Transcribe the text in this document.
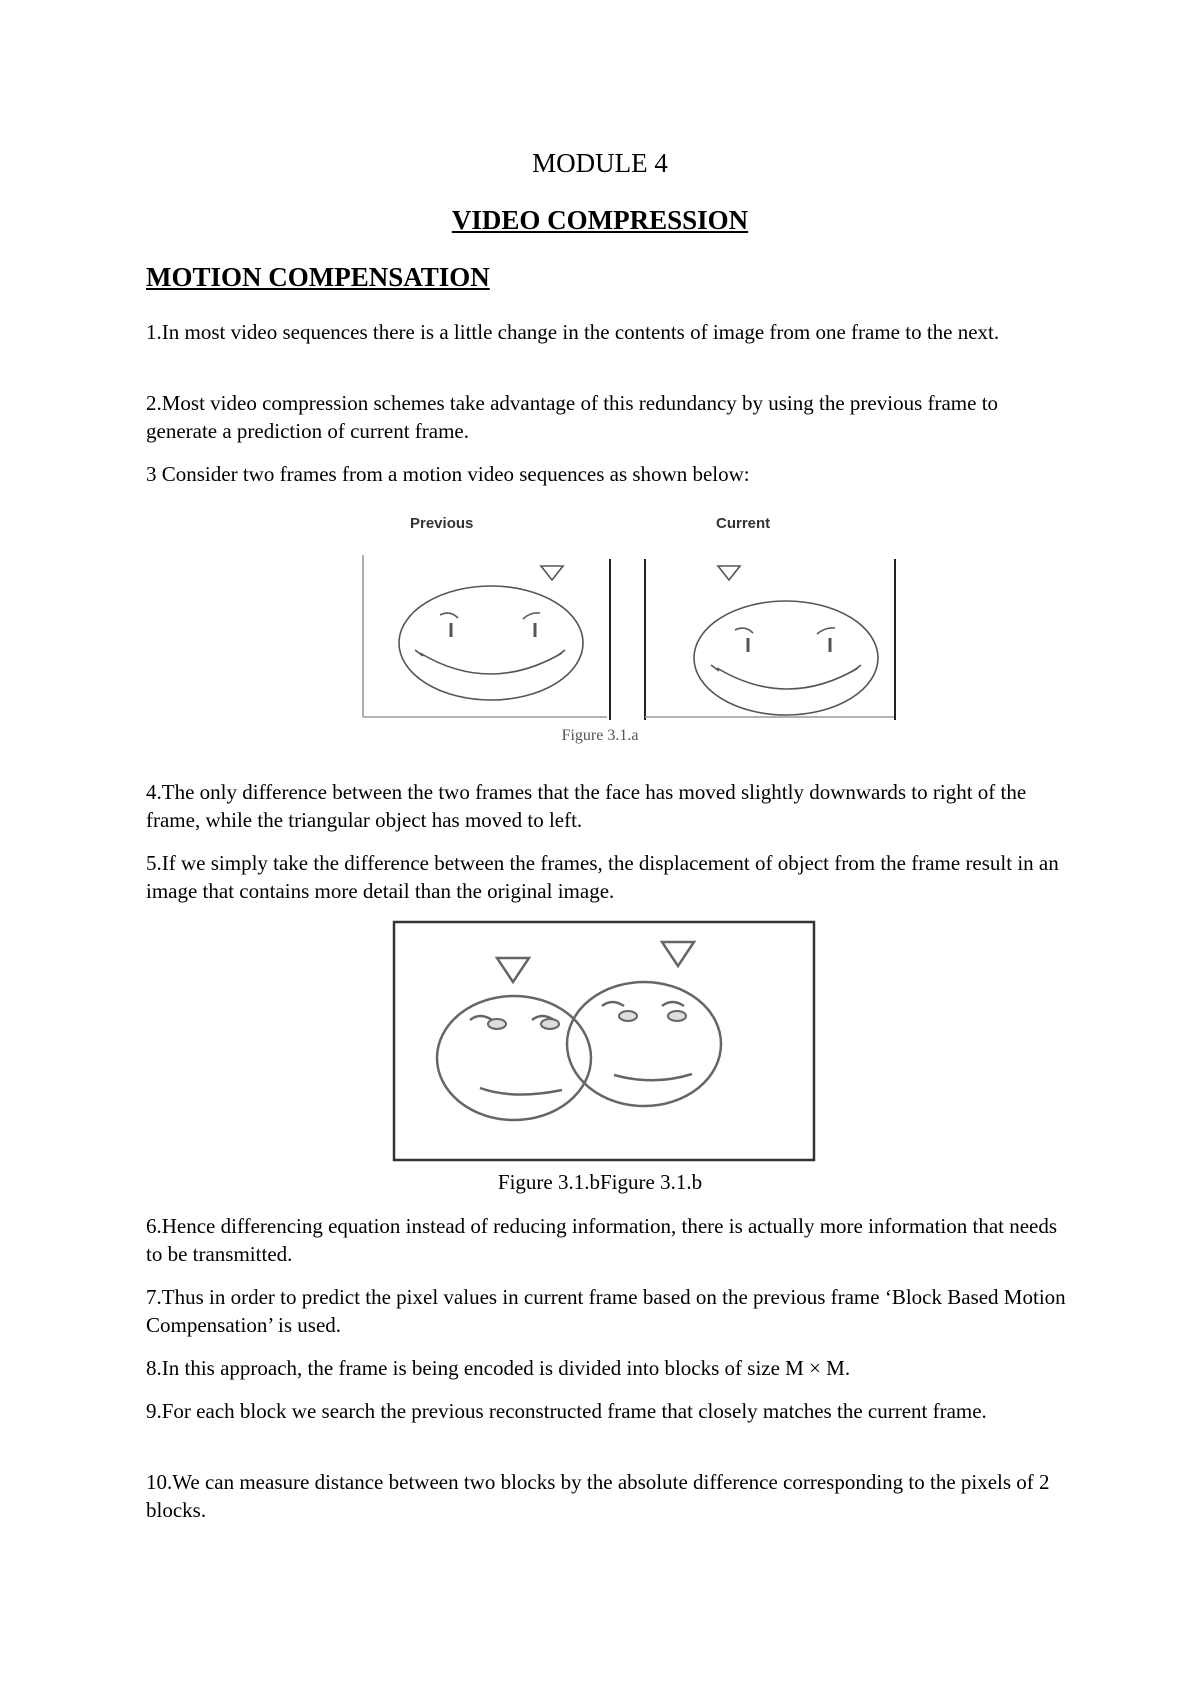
MODULE 4
VIDEO COMPRESSION
MOTION COMPENSATION
1.In most video sequences there is a little change in the contents of image from one frame to the next.
2.Most video compression schemes take advantage of this redundancy by using the previous frame to generate a prediction of current frame.
3 Consider two frames from a motion video sequences as shown below:
Previous	Current
Figure 3.1.a
4.The only difference between the two frames that the face has moved slightly downwards to right of the frame, while the triangular object has moved to left.
5.If we simply take the difference between the frames, the displacement of object from the frame result in an image that contains more detail than the original image.
Figure 3.1.bFigure 3.1.b
6.Hence differencing equation instead of reducing information, there is actually more information that needs to be transmitted.
7.Thus in order to predict the pixel values in current frame based on the previous frame ‘Block Based Motion Compensation’ is used.
8.In this approach, the frame is being encoded is divided into blocks of size M × M.
9.For each block we search the previous reconstructed frame that closely matches the current frame.
10.We can measure distance between two blocks by the absolute difference corresponding to the pixels of 2 blocks.
